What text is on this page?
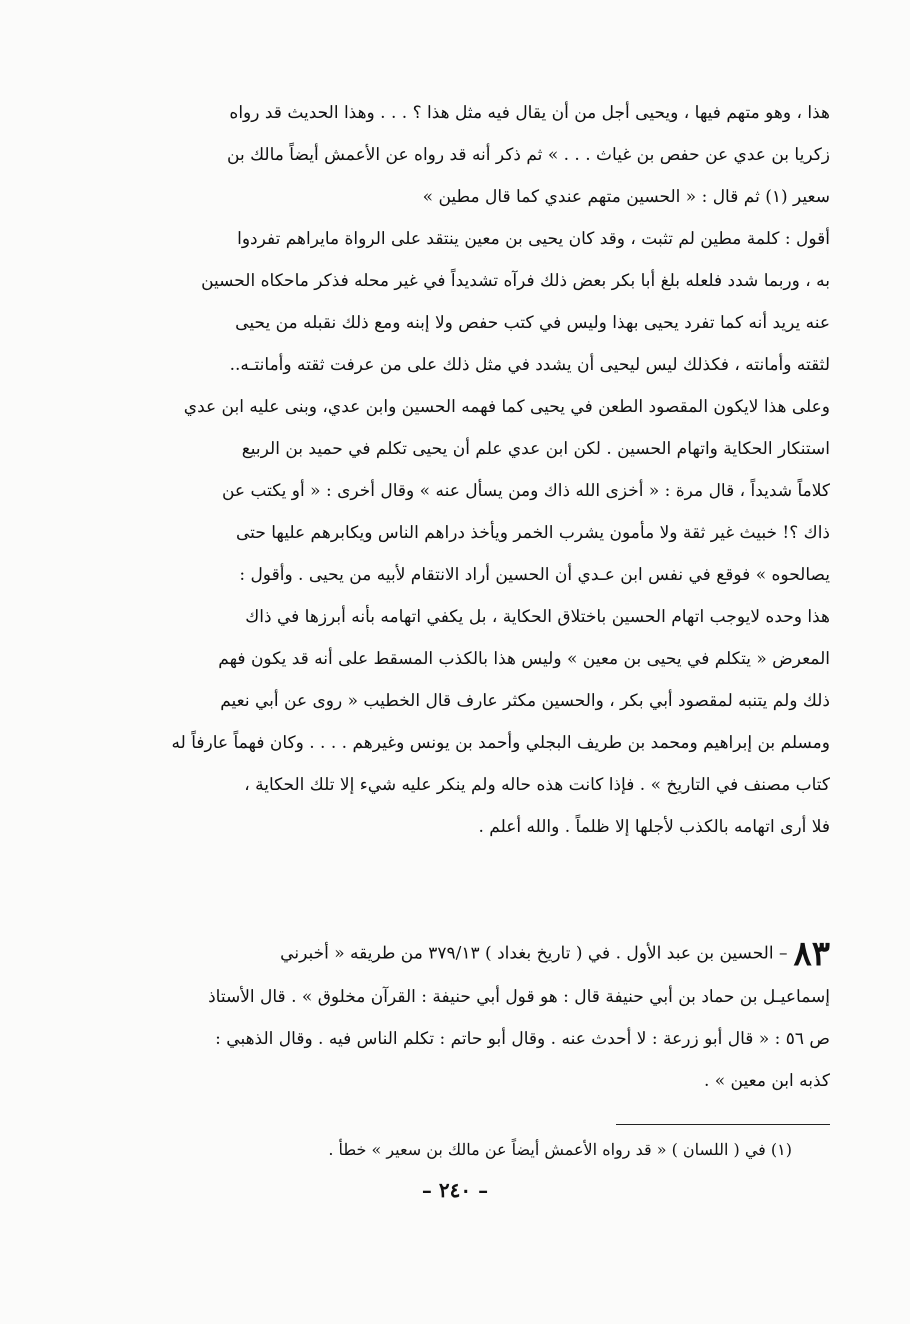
هذا ، وهو متهم فيها ، ويحيى أجل من أن يقال فيه مثل هذا ؟ . . . وهذا الحديث قد رواه
زكريا بن عدي عن حفص بن غياث . . . » ثم ذكر أنه قد رواه عن الأعمش أيضاً مالك بن
سعير (١) ثم قال : « الحسين متهم عندي كما قال مطين »
أقول : كلمة مطين لم تثبت ، وقد كان يحيى بن معين ينتقد على الرواة مايراهم تفردوا
به ، وربما شدد فلعله بلغ أبا بكر بعض ذلك فرآه تشديداً في غير محله فذكر ماحكاه الحسين
عنه يريد أنه كما تفرد يحيى بهذا وليس في كتب حفص ولا إبنه ومع ذلك نقبله من يحيى
لثقته وأمانته ، فكذلك ليس ليحيى أن يشدد في مثل ذلك على من عرفت ثقته وأمانتـه..
وعلى هذا لايكون المقصود الطعن في يحيى كما فهمه الحسين وابن عدي، وبنى عليه ابن عدي
استنكار الحكاية واتهام الحسين . لكن ابن عدي علم أن يحيى تكلم في حميد بن الربيع
كلاماً شديداً ، قال مرة : « أخزى الله ذاك ومن يسأل عنه » وقال أخرى : « أو يكتب عن
ذاك ؟! خبيث غير ثقة ولا مأمون يشرب الخمر ويأخذ دراهم الناس ويكابرهم عليها حتى
يصالحوه » فوقع في نفس ابن عـدي أن الحسين أراد الانتقام لأبيه من يحيى . وأقول :
هذا وحده لايوجب اتهام الحسين باختلاق الحكاية ، بل يكفي اتهامه بأنه أبرزها في ذاك
المعرض « يتكلم في يحيى بن معين » وليس هذا بالكذب المسقط على أنه قد يكون فهم
ذلك ولم يتنبه لمقصود أبي بكر ، والحسين مكثر عارف قال الخطيب « روى عن أبي نعيم
ومسلم بن إبراهيم ومحمد بن طريف البجلي وأحمد بن يونس وغيرهم . . . . وكان فهماً عارفاً له
كتاب مصنف في التاريخ » . فإذا كانت هذه حاله ولم ينكر عليه شيء إلا تلك الحكاية ،
فلا أرى اتهامه بالكذب لأجلها إلا ظلماً . والله أعلم .
٨٣– الحسين بن عبد الأول . في ( تاريخ بغداد ) ٣٧٩/١٣ من طريقه « أخبرني
إسماعيـل بن حماد بن أبي حنيفة قال : هو قول أبي حنيفة : القرآن مخلوق » . قال الأستاذ
ص ٥٦ : « قال أبو زرعة : لا أحدث عنه . وقال أبو حاتم : تكلم الناس فيه . وقال الذهبي :
كذبه ابن معين » .
(١) في ( اللسان ) « قد رواه الأعمش أيضاً عن مالك بن سعير » خطأ .
– ٢٤٠ –
